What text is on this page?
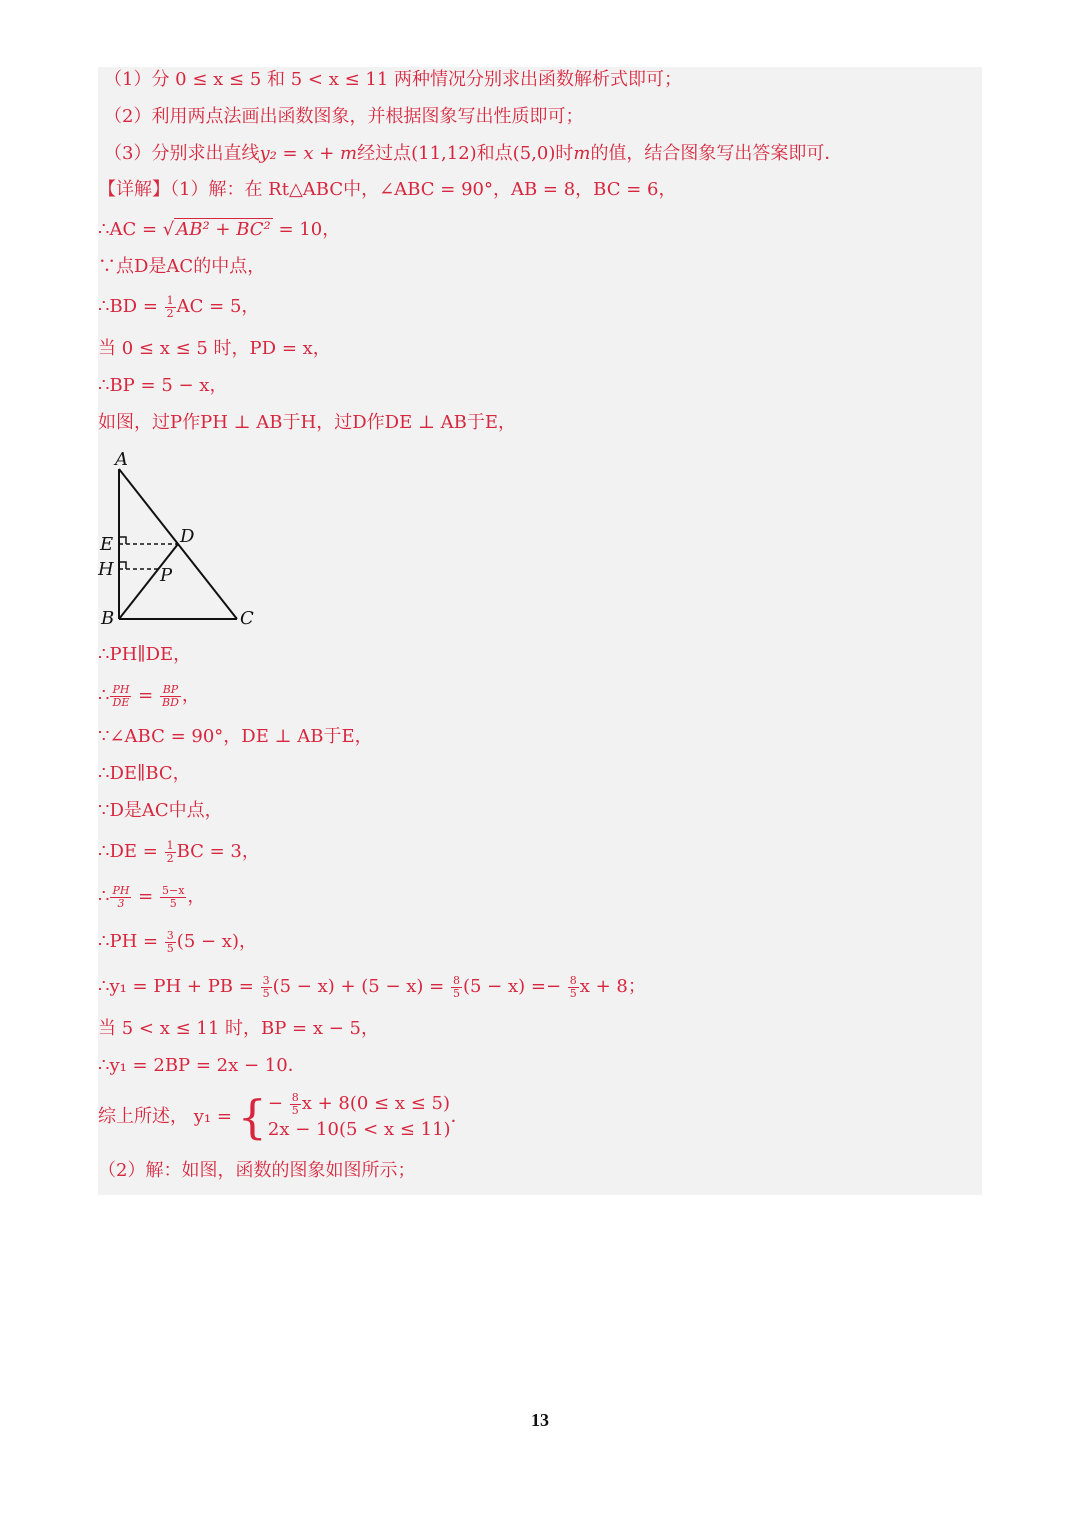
（1）分 0 ≤ x ≤ 5 和 5 < x ≤ 11 两种情况分别求出函数解析式即可；
（2）利用两点法画出函数图象，并根据图象写出性质即可；
（3）分别求出直线y₂ = x + m经过点(11,12)和点(5,0)时m的值，结合图象写出答案即可．
【详解】（1）解：在 Rt△ABC中，∠ABC = 90°，AB = 8，BC = 6，
∴AC = √ AB² + BC² = 10，
∵点D是AC的中点，
∴BD = $\frac{1}{2}$ AC = 5，
当 0 ≤ x ≤ 5 时，PD = x，
∴BP = 5 − x，
如图，过P作PH ⊥ AB于H，过D作DE ⊥ AB于E，
A
B	C
D
E
H	P
∴PH∥DE，
∴ $\frac{PH}{DE} = \frac{BP}{BD}$ ，
∵∠ABC = 90°，DE ⊥ AB于E，
∴DE∥BC，
∵D是AC中点，
∴DE = $\frac{1}{2}$ BC = 3，
∴ $\frac{PH}{3} = \frac{5-x}{5}$ ，
∴PH = $\frac{3}{5} (5 - x)$，
∴y₁ = PH + PB = $\frac{3}{5} (5 - x) + (5 - x) = \frac{8}{5} (5 - x) =- \frac{8}{5}$ x + 8；
当 5 < x ≤ 11 时，BP = x − 5，
∴y₁ = 2BP = 2x − 10．
综上所述， y₁ = { − $\frac{8}{5}$ x + 8(0 ≤ x ≤ 5)
2x − 10(5 < x ≤ 11)
．
（2）解：如图，函数的图象如图所示；
13
